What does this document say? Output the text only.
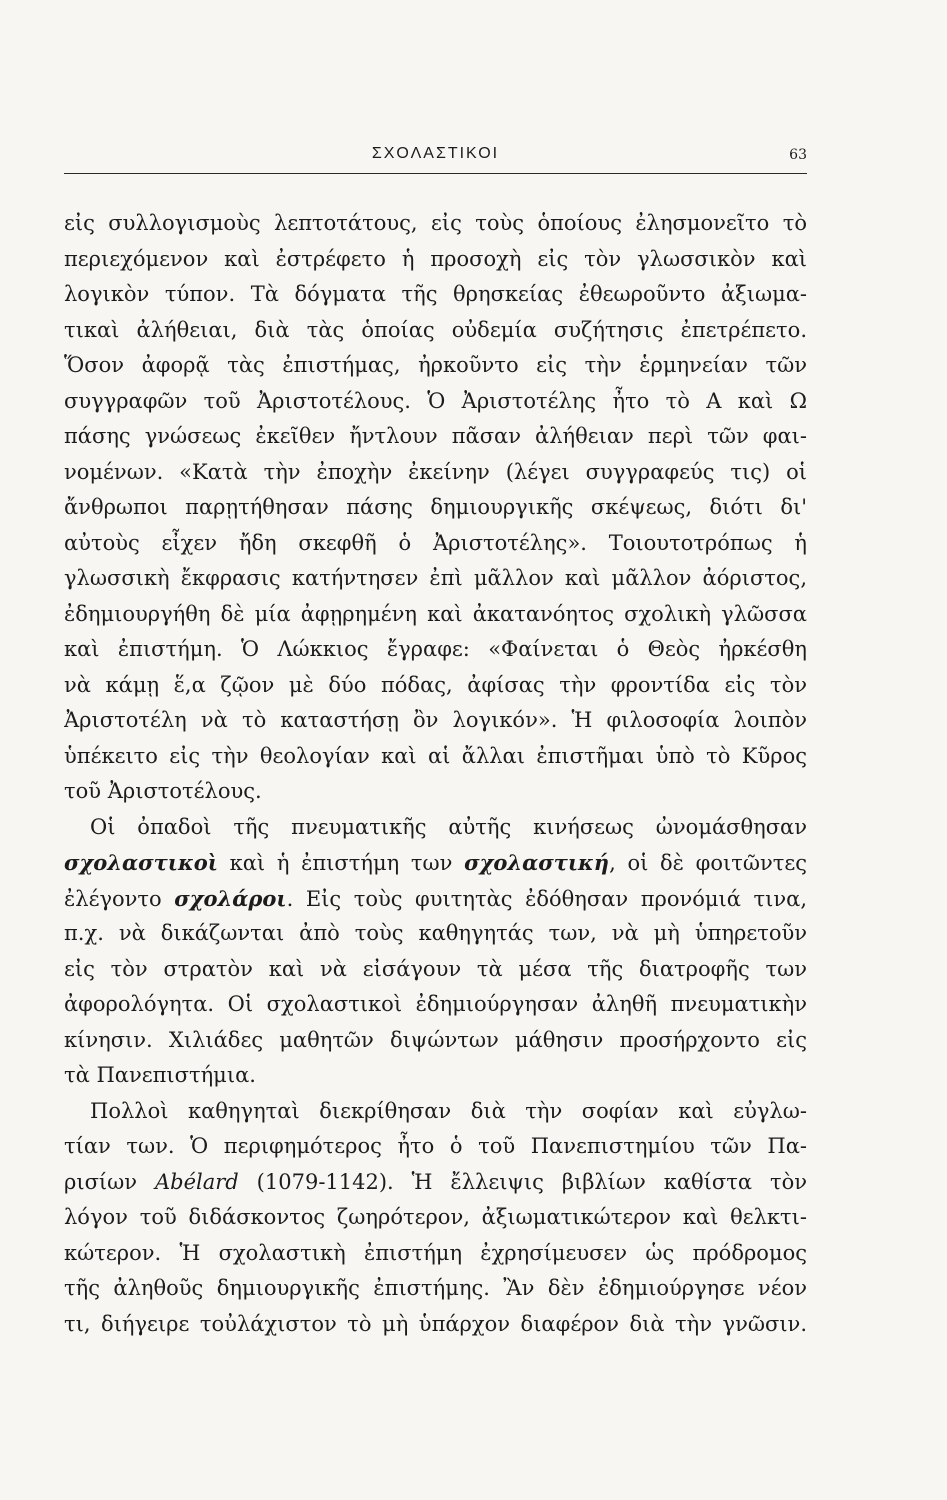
ΣΧΟΛΑΣΤΙΚΟΙ	63
εἰς συλλογισμοὺς λεπτοτάτους, εἰς τοὺς ὁποίους ἐλησμονεῖτο τὸ
περιεχόμενον καὶ ἐστρέφετο ἡ προσοχὴ εἰς τὸν γλωσσικὸν καὶ
λογικὸν τύπον. Τὰ δόγματα τῆς θρησκείας ἐθεωροῦντο ἀξιωμα-
τικαὶ ἀλήθειαι, διὰ τὰς ὁποίας οὐδεμία συζήτησις ἐπετρέπετο.
Ὅσον ἀφορᾷ τὰς ἐπιστήμας, ἠρκοῦντο εἰς τὴν ἑρμηνείαν τῶν
συγγραφῶν τοῦ Ἀριστοτέλους. Ὁ Ἀριστοτέλης ἦτο τὸ Α καὶ Ω
πάσης γνώσεως ἐκεῖθεν ἤντλουν πᾶσαν ἀλήθειαν περὶ τῶν φαι-
νομένων. «Κατὰ τὴν ἐποχὴν ἐκείνην (λέγει συγγραφεύς τις) οἱ
ἄνθρωποι παρῃτήθησαν πάσης δημιουργικῆς σκέψεως, διότι δι'
αὐτοὺς εἶχεν ἤδη σκεφθῆ ὁ Ἀριστοτέλης». Τοιουτοτρόπως ἡ
γλωσσικὴ ἔκφρασις κατήντησεν ἐπὶ μᾶλλον καὶ μᾶλλον ἀόριστος,
ἐδημιουργήθη δὲ μία ἀφῃρημένη καὶ ἀκατανόητος σχολικὴ γλῶσσα
καὶ ἐπιστήμη. Ὁ Λώκκιος ἔγραφε: «Φαίνεται ὁ Θεὸς ἠρκέσθη
νὰ κάμῃ ἕ,α ζῷον μὲ δύο πόδας, ἀφίσας τὴν φροντίδα εἰς τὸν
Ἀριστοτέλη νὰ τὸ καταστήσῃ ὂν λογικόν». Ἡ φιλοσοφία λοιπὸν
ὑπέκειτο εἰς τὴν θεολογίαν καὶ αἱ ἄλλαι ἐπιστῆμαι ὑπὸ τὸ Κῦρος
τοῦ Ἀριστοτέλους.
Οἱ ὀπαδοὶ τῆς πνευματικῆς αὐτῆς κινήσεως ὠνομάσθησαν
σχολαστικοὶ καὶ ἡ ἐπιστήμη των σχολαστική, οἱ δὲ φοιτῶντες
ἐλέγοντο σχολάροι. Εἰς τοὺς φυιτητὰς ἐδόθησαν προνόμιά τινα,
π.χ. νὰ δικάζωνται ἀπὸ τοὺς καθηγητάς των, νὰ μὴ ὑπηρετοῦν
εἰς τὸν στρατὸν καὶ νὰ εἰσάγουν τὰ μέσα τῆς διατροφῆς των
ἀφορολόγητα. Οἱ σχολαστικοὶ ἐδημιούργησαν ἀληθῆ πνευματικὴν
κίνησιν. Χιλιάδες μαθητῶν διψώντων μάθησιν προσήρχοντο εἰς
τὰ Πανεπιστήμια.
Πολλοὶ καθηγηταὶ διεκρίθησαν διὰ τὴν σοφίαν καὶ εὐγλω-
τίαν των. Ὁ περιφημότερος ἦτο ὁ τοῦ Πανεπιστημίου τῶν Πα-
ρισίων Abélard (1079-1142). Ἡ ἔλλειψις βιβλίων καθίστα τὸν
λόγον τοῦ διδάσκοντος ζωηρότερον, ἀξιωματικώτερον καὶ θελκτι-
κώτερον. Ἡ σχολαστικὴ ἐπιστήμη ἐχρησίμευσεν ὡς πρόδρομος
τῆς ἀληθοῦς δημιουργικῆς ἐπιστήμης. Ἂν δὲν ἐδημιούργησε νέον
τι, διήγειρε τοὐλάχιστον τὸ μὴ ὑπάρχον διαφέρον διὰ τὴν γνῶσιν.
